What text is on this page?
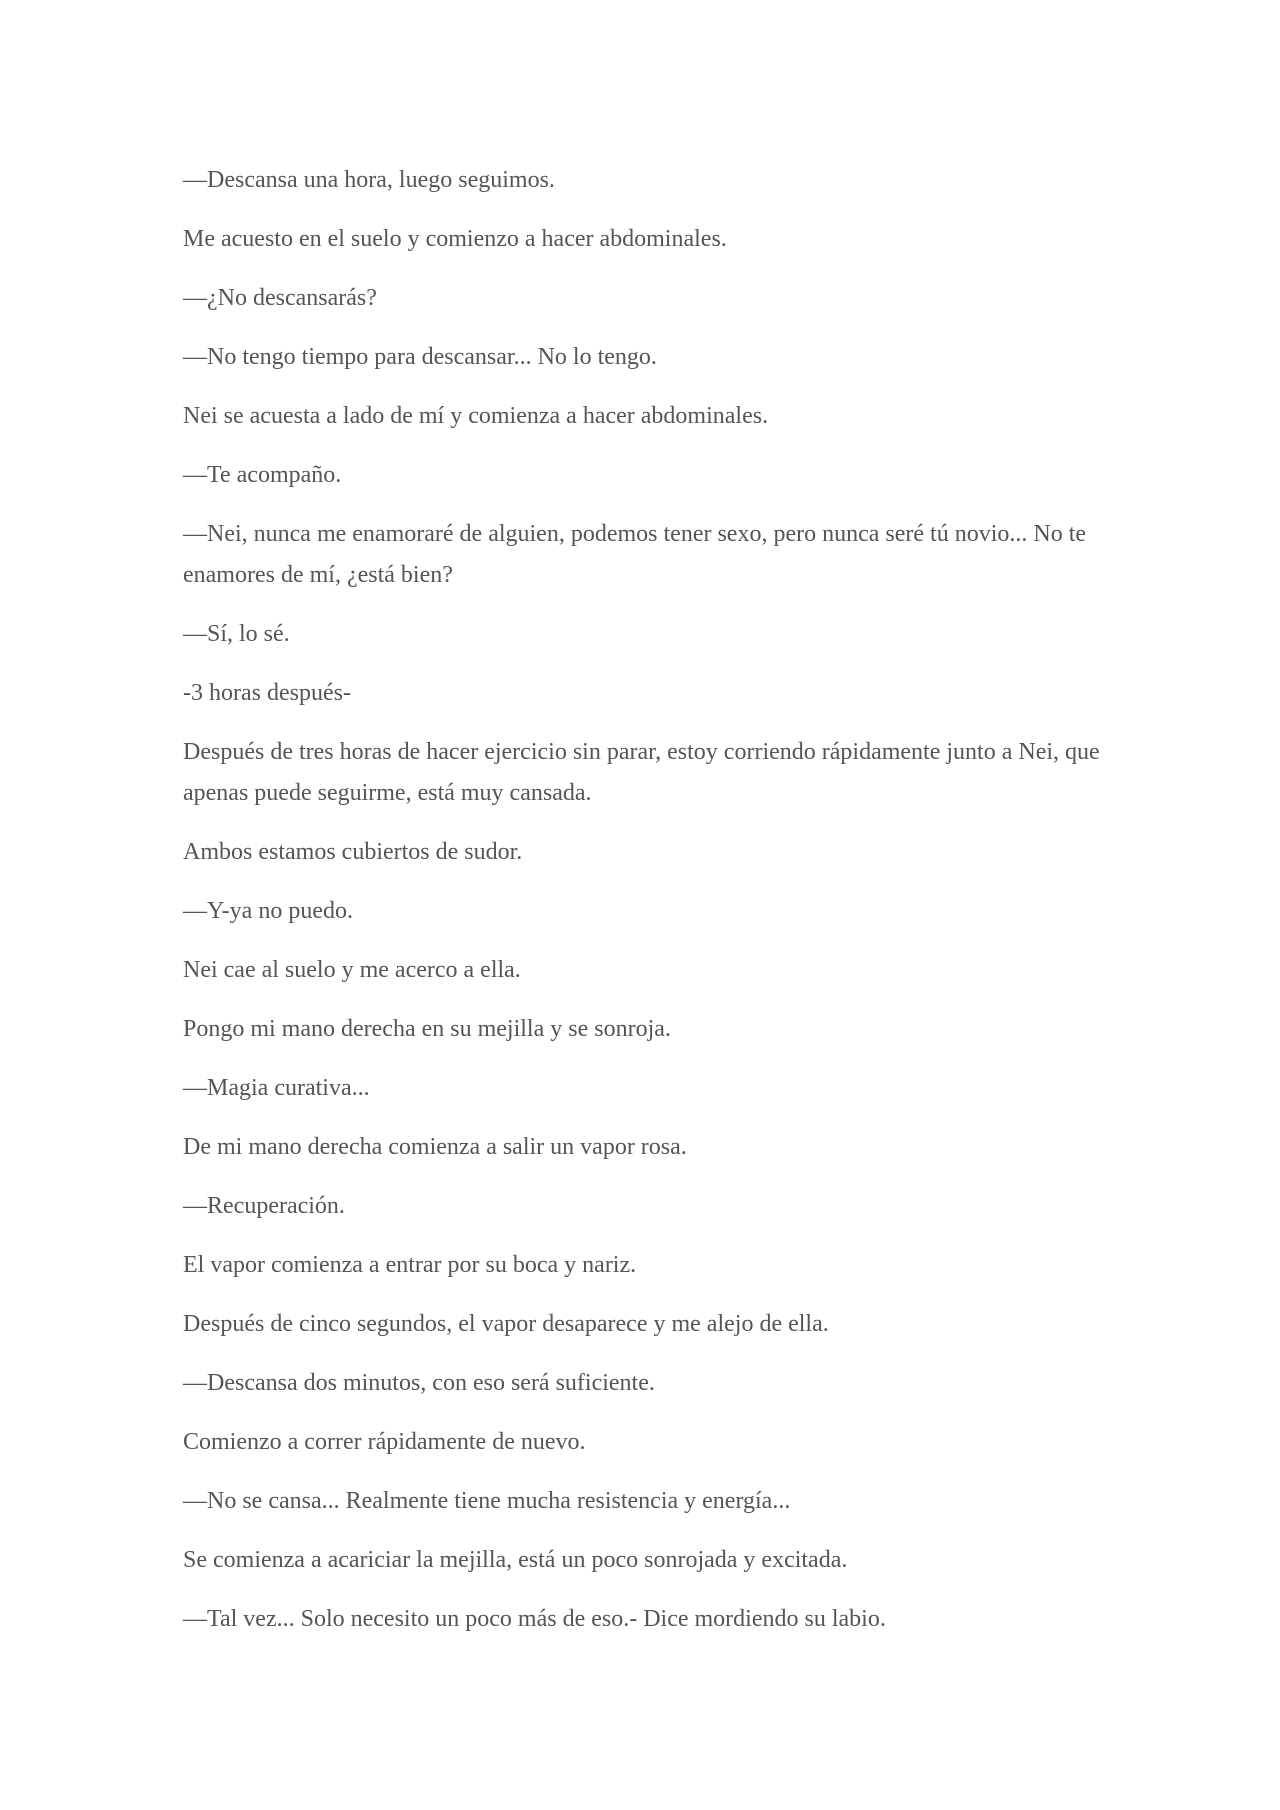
—Descansa una hora, luego seguimos.

Me acuesto en el suelo y comienzo a hacer abdominales.

—¿No descansarás?

—No tengo tiempo para descansar... No lo tengo.

Nei se acuesta a lado de mí y comienza a hacer abdominales.

—Te acompaño.

—Nei, nunca me enamoraré de alguien, podemos tener sexo, pero nunca seré tú novio... No te enamores de mí, ¿está bien?

—Sí, lo sé.

-3 horas después-

Después de tres horas de hacer ejercicio sin parar, estoy corriendo rápidamente junto a Nei, que apenas puede seguirme, está muy cansada.

Ambos estamos cubiertos de sudor.

—Y-ya no puedo.

Nei cae al suelo y me acerco a ella.

Pongo mi mano derecha en su mejilla y se sonroja.

—Magia curativa...

De mi mano derecha comienza a salir un vapor rosa.

—Recuperación.

El vapor comienza a entrar por su boca y nariz.

Después de cinco segundos, el vapor desaparece y me alejo de ella.

—Descansa dos minutos, con eso será suficiente.

Comienzo a correr rápidamente de nuevo.

—No se cansa... Realmente tiene mucha resistencia y energía...

Se comienza a acariciar la mejilla, está un poco sonrojada y excitada.

—Tal vez... Solo necesito un poco más de eso.- Dice mordiendo su labio.
